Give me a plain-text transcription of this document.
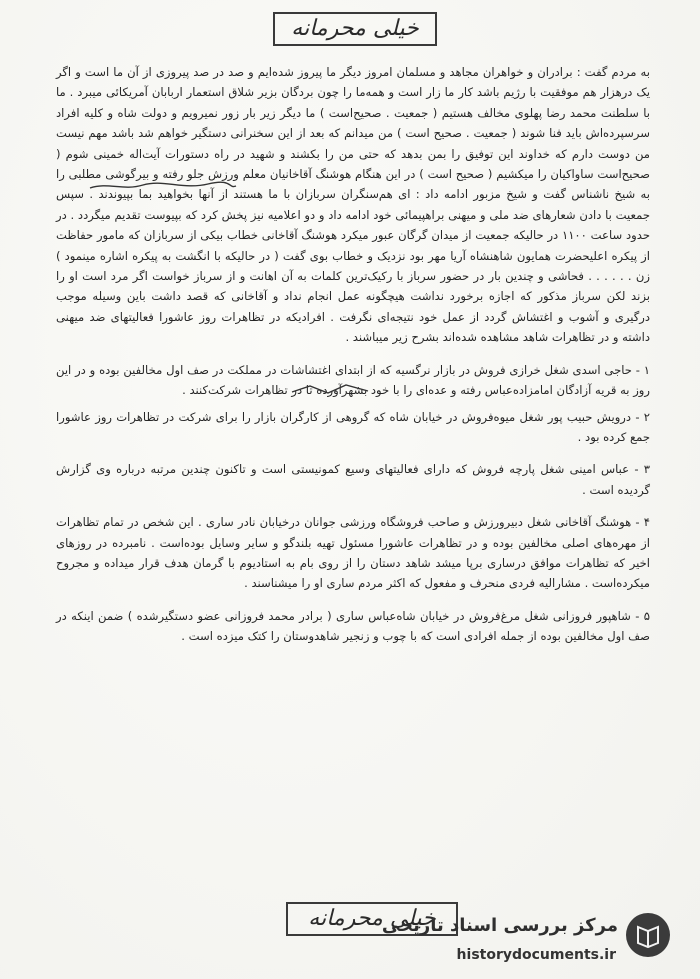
خیلی محرمانه

به مردم گفت : برادران و خواهران مجاهد و مسلمان امروز دیگر ما پیروز شده‌ایم و صد در صد پیروزی از آن ما است و اگر یک درهزار هم موفقیت با رژیم باشد کار ما زار است و همه‌ما را چون بردگان بزیر شلاق استعمار اربابان آمریکائی میبرد . ما با سلطنت محمد رضا پهلوی مخالف هستیم ( جمعیت . صحیح‌است ) ما دیگر زیر بار زور نمیرویم و دولت شاه و کلیه افراد سرسپرده‌اش باید فنا شوند ( جمعیت . صحیح است ) من میدانم که بعد از این سخنرانی دستگیر خواهم شد باشد مهم نیست من دوست دارم که خداوند این توفیق را بمن بدهد که حتی من را بکشند و شهید در راه دستورات آیت‌اله خمینی شوم ( صحیح‌است ساواکیان را میکشیم ( صحیح است ) در این هنگام هوشنگ آقاخانیان معلم ورزش جلو رفته و بیرگوشی مطلبی را به شیخ ناشناس گفت و شیخ مزبور ادامه داد : ای هم‌سنگران سربازان با ما هستند از آنها بخواهید بما بپیوندند . سپس جمعیت با دادن شعارهای ضد ملی و میهنی براهپیمائی خود ادامه داد و دو اعلامیه نیز پخش کرد که بپیوست تقدیم میگردد . در حدود ساعت ۱۱۰۰ در حالیکه جمعیت از میدان گرگان عبور میکرد هوشنگ آقاخانی خطاب بیکی از سربازان که مامور حفاظت از پیکره اعلیحضرت همایون شاهنشاه آریا مهر بود نزدیک و خطاب بوی گفت ( در حالیکه با انگشت به پیکره اشاره مینمود ) زن . . . . . . فحاشی و چندین بار در حضور سرباز با رکیک‌ترین کلمات به آن اهانت و از سرباز خواست اگر مرد است او را بزند لکن سرباز مذکور که اجازه برخورد نداشت هیچگونه عمل انجام نداد و آقاخانی که قصد داشت باین وسیله موجب درگیری و آشوب و اغتشاش گردد از عمل خود نتیجه‌ای نگرفت . افرادیکه در تظاهرات روز عاشورا فعالیتهای ضد میهنی داشته و در تظاهرات شاهد مشاهده شده‌اند بشرح زیر میباشند .

۱ - حاجی اسدی شغل خرازی فروش در بازار نرگسیه که از ابتدای اغتشاشات در مملکت در صف اول مخالفین بوده و در این روز به قریه آزادگان امامزاده‌عباس رفته و عده‌ای را با خود بشهرآورده تا در تظاهرات شرکت‌کنند .

۲ - درویش حبیب پور شغل میوه‌فروش در خیابان شاه که گروهی از کارگران بازار را برای شرکت در تظاهرات روز عاشورا جمع کرده بود .

۳ - عباس امینی شغل پارچه فروش که دارای فعالیتهای وسیع کمونیستی است و تاکنون چندین مرتبه درباره وی گزارش گردیده است .

۴ - هوشنگ آقاخانی شغل دبیرورزش و صاحب فروشگاه ورزشی جوانان درخیابان نادر ساری . این شخص در تمام تظاهرات از مهره‌های اصلی مخالفین بوده و در تظاهرات عاشورا مسئول تهیه بلندگو و سایر وسایل بوده‌است . نامبرده در روزهای اخیر که تظاهرات موافق درساری برپا میشد شاهد دستان را از روی بام به استادیوم با گرمان هدف قرار میداده و مجروح میکرده‌است . مشارالیه فردی منحرف و مفعول که اکثر مردم ساری او را میشناسند .

۵ - شاهپور فروزانی شغل مرغ‌فروش در خیابان شاه‌عباس ساری ( برادر محمد فروزانی عضو دستگیرشده ) ضمن اینکه در صف اول مخالفین بوده از جمله افرادی است که با چوب و زنجیر شاهدوستان را کتک میزده است .

خیلی محرمانه
مرکز بررسی اسناد تاریخی
historydocuments.ir
